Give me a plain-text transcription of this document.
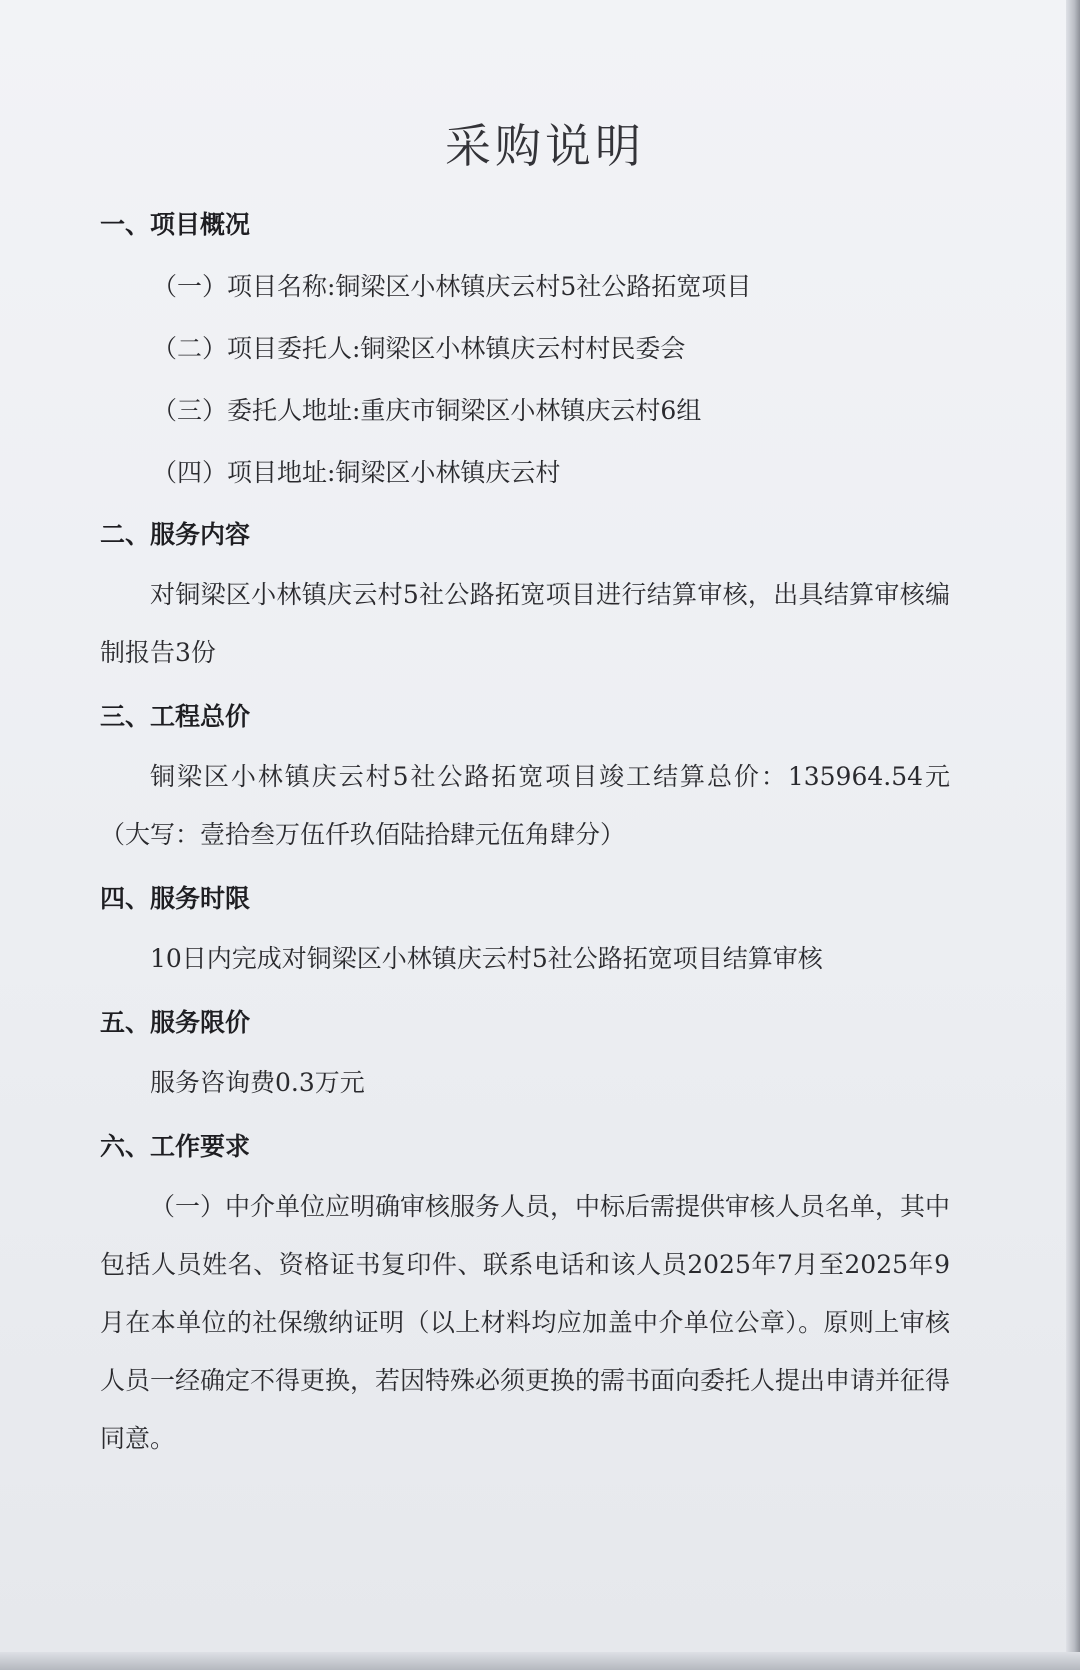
采购说明

一、项目概况

（一）项目名称:铜梁区小林镇庆云村5社公路拓宽项目

（二）项目委托人:铜梁区小林镇庆云村村民委会

（三）委托人地址:重庆市铜梁区小林镇庆云村6组

（四）项目地址:铜梁区小林镇庆云村

二、服务内容

对铜梁区小林镇庆云村5社公路拓宽项目进行结算审核，出具结算审核编制报告3份

三、工程总价

铜梁区小林镇庆云村5社公路拓宽项目竣工结算总价：135964.54元（大写：壹拾叁万伍仟玖佰陆拾肆元伍角肆分）

四、服务时限

10日内完成对铜梁区小林镇庆云村5社公路拓宽项目结算审核

五、服务限价

服务咨询费0.3万元

六、工作要求

（一）中介单位应明确审核服务人员，中标后需提供审核人员名单，其中包括人员姓名、资格证书复印件、联系电话和该人员2025年7月至2025年9月在本单位的社保缴纳证明（以上材料均应加盖中介单位公章）。原则上审核人员一经确定不得更换，若因特殊必须更换的需书面向委托人提出申请并征得同意。
